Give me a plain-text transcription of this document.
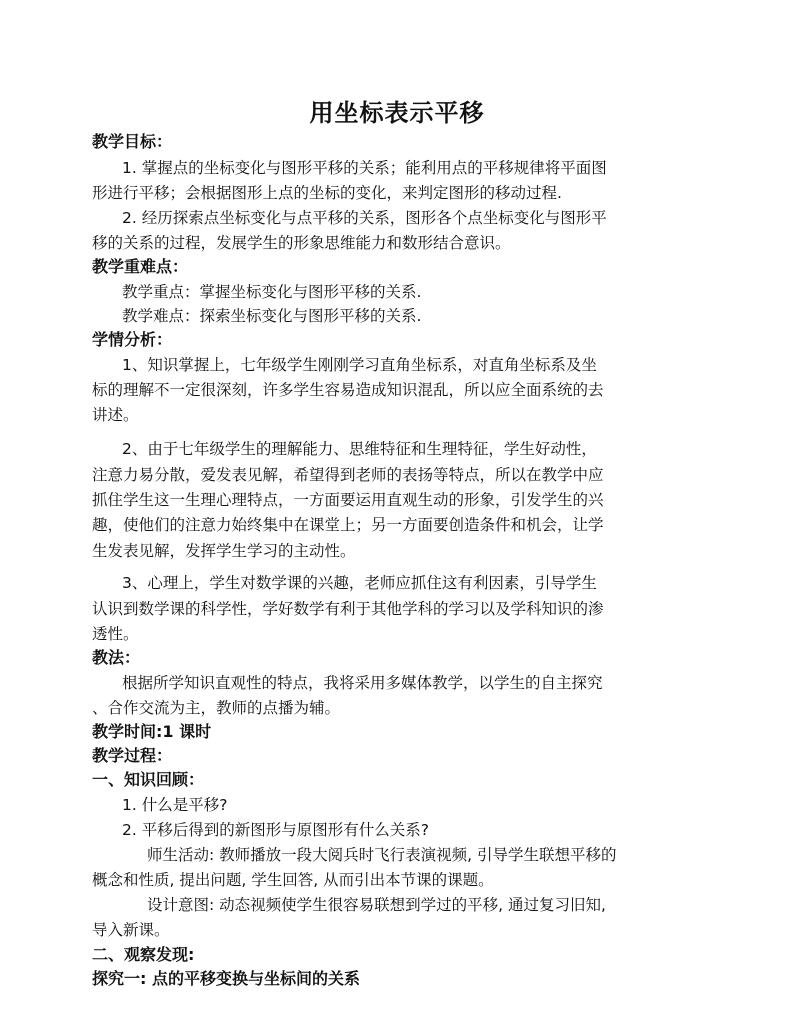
用坐标表示平移
教学目标：
1. 掌握点的坐标变化与图形平移的关系；能利用点的平移规律将平面图
形进行平移；会根据图形上点的坐标的变化，来判定图形的移动过程.
2. 经历探索点坐标变化与点平移的关系，图形各个点坐标变化与图形平
移的关系的过程，发展学生的形象思维能力和数形结合意识。
教学重难点：
教学重点：掌握坐标变化与图形平移的关系.
教学难点：探索坐标变化与图形平移的关系.
学情分析：
1、知识掌握上，七年级学生刚刚学习直角坐标系，对直角坐标系及坐
标的理解不一定很深刻，许多学生容易造成知识混乱，所以应全面系统的去
讲述。
2、由于七年级学生的理解能力、思维特征和生理特征，学生好动性，
注意力易分散，爱发表见解，希望得到老师的表扬等特点，所以在教学中应
抓住学生这一生理心理特点，一方面要运用直观生动的形象，引发学生的兴
趣，使他们的注意力始终集中在课堂上；另一方面要创造条件和机会，让学
生发表见解，发挥学生学习的主动性。
3、心理上，学生对数学课的兴趣，老师应抓住这有利因素，引导学生
认识到数学课的科学性，学好数学有利于其他学科的学习以及学科知识的渗
透性。
教法：
根据所学知识直观性的特点，我将采用多媒体教学，以学生的自主探究
、合作交流为主，教师的点播为辅。
教学时间:1 课时
教学过程：
一、知识回顾：
1. 什么是平移?
2. 平移后得到的新图形与原图形有什么关系?
师生活动: 教师播放一段大阅兵时飞行表演视频, 引导学生联想平移的
概念和性质, 提出问题, 学生回答, 从而引出本节课的课题。
设计意图: 动态视频使学生很容易联想到学过的平移, 通过复习旧知,
导入新课。
二、观察发现:
探究一: 点的平移变换与坐标间的关系
